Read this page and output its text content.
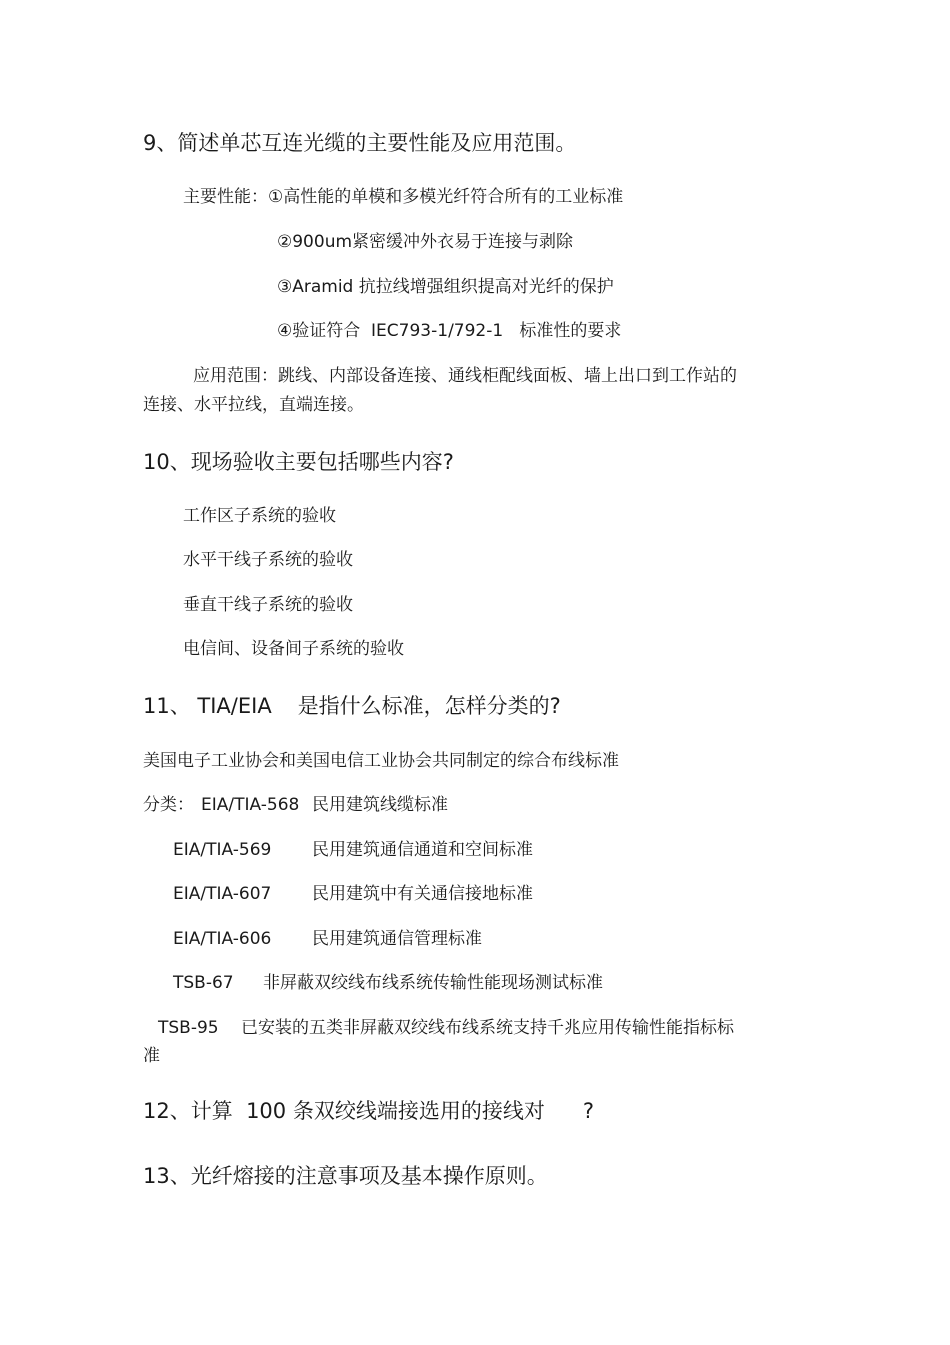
9、简述单芯互连光缆的主要性能及应用范围。
主要性能：①高性能的单模和多模光纤符合所有的工业标准
②900um紧密缓冲外衣易于连接与剥除
③Aramid 抗拉线增强组织提高对光纤的保护
④验证符合  IEC793-1/792-1   标准性的要求
应用范围：跳线、内部设备连接、通线柜配线面板、墙上出口到工作站的
连接、水平拉线，直端连接。
10、现场验收主要包括哪些内容?
工作区子系统的验收
水平干线子系统的验收
垂直干线子系统的验收
电信间、设备间子系统的验收
11、 TIA/EIA 是指什么标准，怎样分类的?
美国电子工业协会和美国电信工业协会共同制定的综合布线标准
分类： EIA/TIA-568 民用建筑线缆标准
EIA/TIA-569 民用建筑通信通道和空间标准
EIA/TIA-607 民用建筑中有关通信接地标准
EIA/TIA-606 民用建筑通信管理标准
TSB-67 非屏蔽双绞线布线系统传输性能现场测试标准
TSB-95 已安装的五类非屏蔽双绞线布线系统支持千兆应用传输性能指标标
准
12、计算  100 条双绞线端接选用的接线对 ?
13、光纤熔接的注意事项及基本操作原则。
